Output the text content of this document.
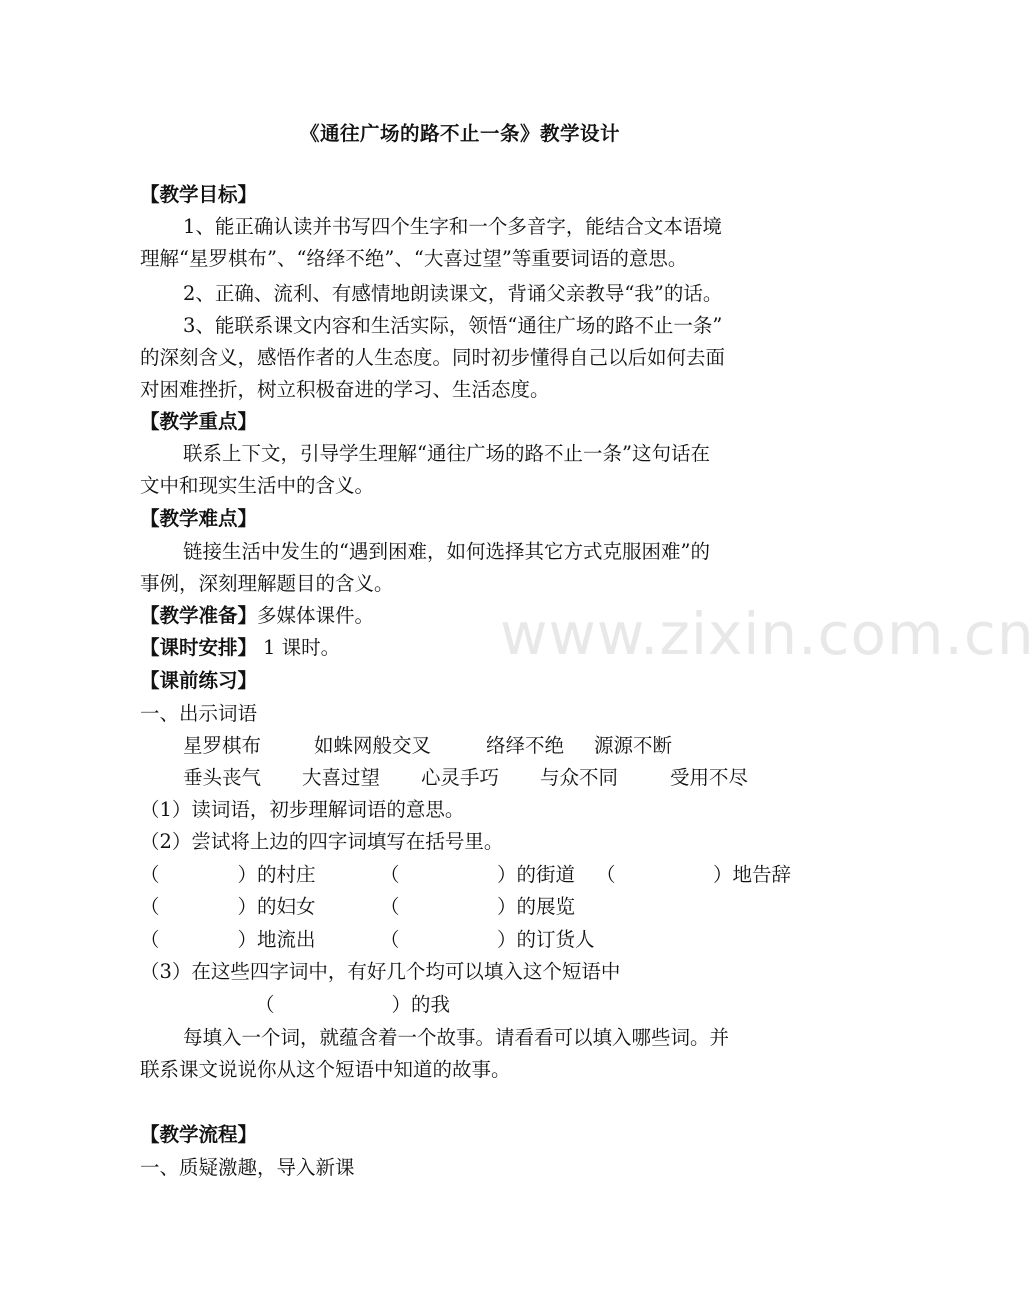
《通往广场的路不止一条》教学设计
【教学目标】
1、能正确认读并书写四个生字和一个多音字，能结合文本语境
理解“星罗棋布”、“络绎不绝”、“大喜过望”等重要词语的意思。
2、正确、流利、有感情地朗读课文，背诵父亲教导“我”的话。
3、能联系课文内容和生活实际，领悟“通往广场的路不止一条”
的深刻含义，感悟作者的人生态度。同时初步懂得自己以后如何去面
对困难挫折，树立积极奋进的学习、生活态度。
【教学重点】
联系上下文，引导学生理解“通往广场的路不止一条”这句话在
文中和现实生活中的含义。
【教学难点】
链接生活中发生的“遇到困难，如何选择其它方式克服困难”的
事例，深刻理解题目的含义。
【教学准备】多媒体课件。
【课时安排】 1 课时。
【课前练习】
一、出示词语
星罗棋布	如蛛网般交叉	络绎不绝 源源不断
垂头丧气 大喜过望 心灵手巧 与众不同	受用不尽
（1）读词语，初步理解词语的意思。
（2）尝试将上边的四字词填写在括号里。
（　　　　）的村庄	（　　　　　）的街道 （　　　　　）地告辞
（　　　　）的妇女	（　　　　　）的展览
（　　　　）地流出	（　　　　　）的订货人
（3）在这些四字词中，有好几个均可以填入这个短语中
（　　　　　　）的我
每填入一个词，就蕴含着一个故事。请看看可以填入哪些词。并
联系课文说说你从这个短语中知道的故事。
【教学流程】
一、质疑激趣，导入新课
www.zixin.com.cn
